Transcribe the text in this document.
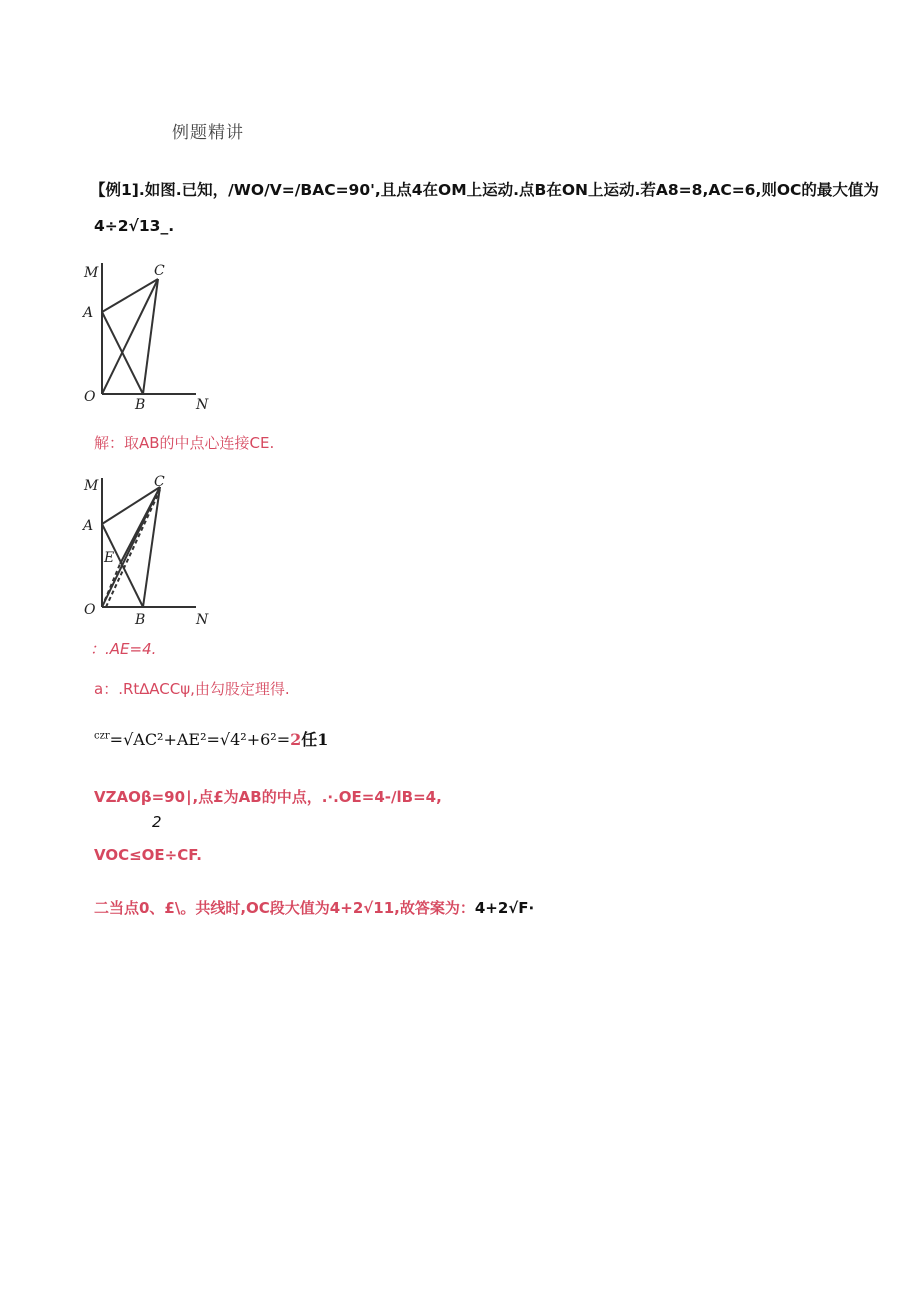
例题精讲
【例1].如图.已知，/WO/V=/BAC=90',且点4在OM上运动.点B在ON上运动.若A8=8,AC=6,则OC的最大值为
4÷2√13_.
M	C
A
O	B	N
解：取AB的中点心连接CE.
M	C
A
E
O
B	N
：.AE=4.
a：.Rt∆ACCψ,由勾股定理得.
$^{czr}$=√AC²+AE²=√4²+6²=2任1
VZAOβ=90∣,点£为AB的中点，.∙.OE=4-∕lB=4,
2
VOC≤OE÷CF.
二当点0、£\。共线时,OC段大值为4+2√11,故答案为：4+2√F∙
